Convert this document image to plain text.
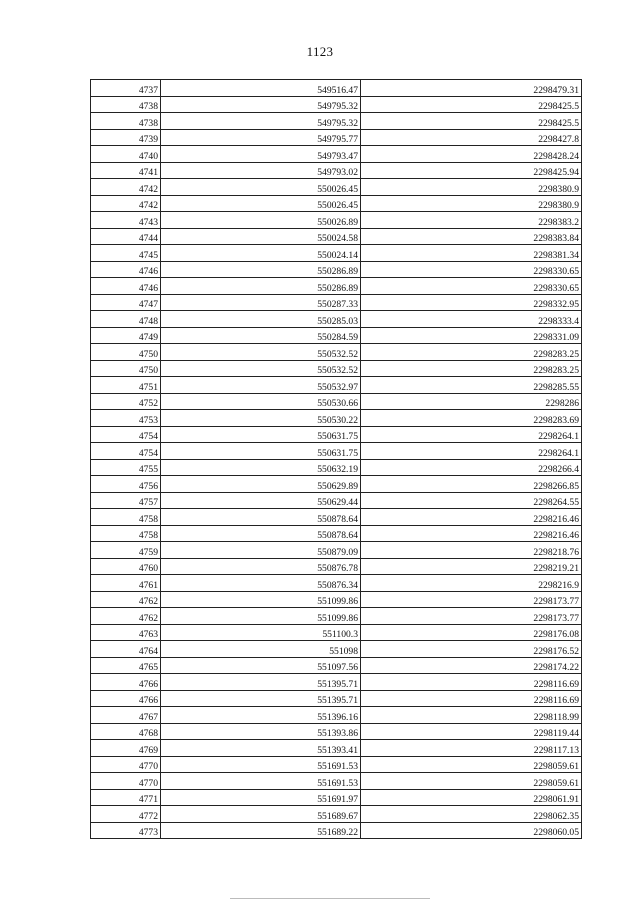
1123
4737	549516.47	2298479.31
4738	549795.32	2298425.5
4738	549795.32	2298425.5
4739	549795.77	2298427.8
4740	549793.47	2298428.24
4741	549793.02	2298425.94
4742	550026.45	2298380.9
4742	550026.45	2298380.9
4743	550026.89	2298383.2
4744	550024.58	2298383.84
4745	550024.14	2298381.34
4746	550286.89	2298330.65
4746	550286.89	2298330.65
4747	550287.33	2298332.95
4748	550285.03	2298333.4
4749	550284.59	2298331.09
4750	550532.52	2298283.25
4750	550532.52	2298283.25
4751	550532.97	2298285.55
4752	550530.66	2298286
4753	550530.22	2298283.69
4754	550631.75	2298264.1
4754	550631.75	2298264.1
4755	550632.19	2298266.4
4756	550629.89	2298266.85
4757	550629.44	2298264.55
4758	550878.64	2298216.46
4758	550878.64	2298216.46
4759	550879.09	2298218.76
4760	550876.78	2298219.21
4761	550876.34	2298216.9
4762	551099.86	2298173.77
4762	551099.86	2298173.77
4763	551100.3	2298176.08
4764	551098	2298176.52
4765	551097.56	2298174.22
4766	551395.71	2298116.69
4766	551395.71	2298116.69
4767	551396.16	2298118.99
4768	551393.86	2298119.44
4769	551393.41	2298117.13
4770	551691.53	2298059.61
4770	551691.53	2298059.61
4771	551691.97	2298061.91
4772	551689.67	2298062.35
4773	551689.22	2298060.05
